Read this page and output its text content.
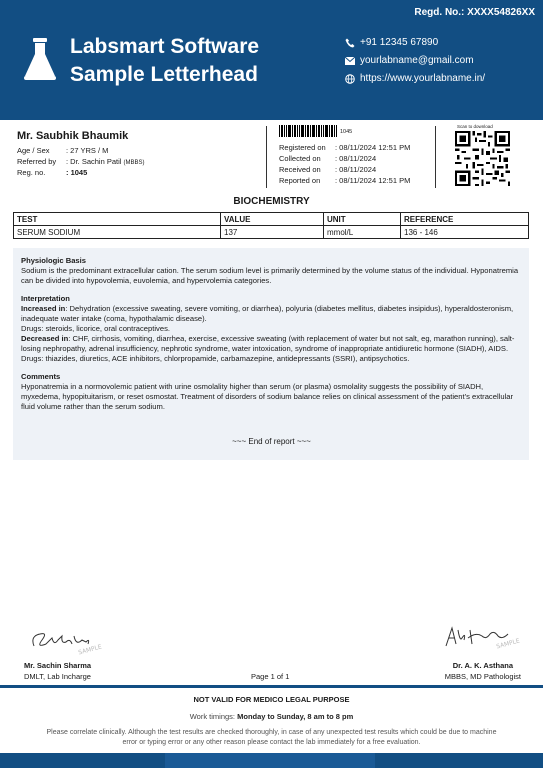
Regd. No.: XXXX54826XX
Labsmart Software
Sample Letterhead
+91 12345 67890
yourlabname@gmail.com
https://www.yourlabname.in/
Mr. Saubhik Bhaumik
Age / Sex	: 27 YRS / M
Referred by	: Dr. Sachin Patil (MBBS)
Reg. no.	: 1045
1045
Registered on	: 08/11/2024 12:51 PM
Collected on	: 08/11/2024
Received on	: 08/11/2024
Reported on	: 08/11/2024 12:51 PM
Scan to download
BIOCHEMISTRY
TEST	VALUE	UNIT	REFERENCE
SERUM SODIUM	137	mmol/L	136 - 146
Physiologic Basis
Sodium is the predominant extracellular cation. The serum sodium level is primarily determined by the volume status of the individual. Hyponatremia can be divided into hypovolemia, euvolemia, and hypervolemia categories.
Interpretation
Increased in: Dehydration (excessive sweating, severe vomiting, or diarrhea), polyuria (diabetes mellitus, diabetes insipidus), hyperaldosteronism, inadequate water intake (coma, hypothalamic disease).
Drugs: steroids, licorice, oral contraceptives.
Decreased in: CHF, cirrhosis, vomiting, diarrhea, exercise, excessive sweating (with replacement of water but not salt, eg, marathon running), salt-losing nephropathy, adrenal insufficiency, nephrotic syndrome, water intoxication, syndrome of inappropriate antidiuretic hormone (SIADH), AIDS.
Drugs: thiazides, diuretics, ACE inhibitors, chlorpropamide, carbamazepine, antidepressants (SSRI), antipsychotics.
Comments
Hyponatremia in a normovolemic patient with urine osmolality higher than serum (or plasma) osmolality suggests the possibility of SIADH, myxedema, hypopituitarism, or reset osmostat. Treatment of disorders of sodium balance relies on clinical assessment of the patient’s extracellular fluid volume rather than the serum sodium.
~~~ End of report ~~~
SAMPLE
Mr. Sachin Sharma
DMLT, Lab Incharge	Page 1 of 1
SAMPLE
Dr. A. K. Asthana
MBBS, MD Pathologist
NOT VALID FOR MEDICO LEGAL PURPOSE
Work timings: Monday to Sunday, 8 am to 8 pm
Please correlate clinically. Although the test results are checked thoroughly, in case of any unexpected test results which could be due to machine error or typing error or any other reason please contact the lab immediately for a free evaluation.
